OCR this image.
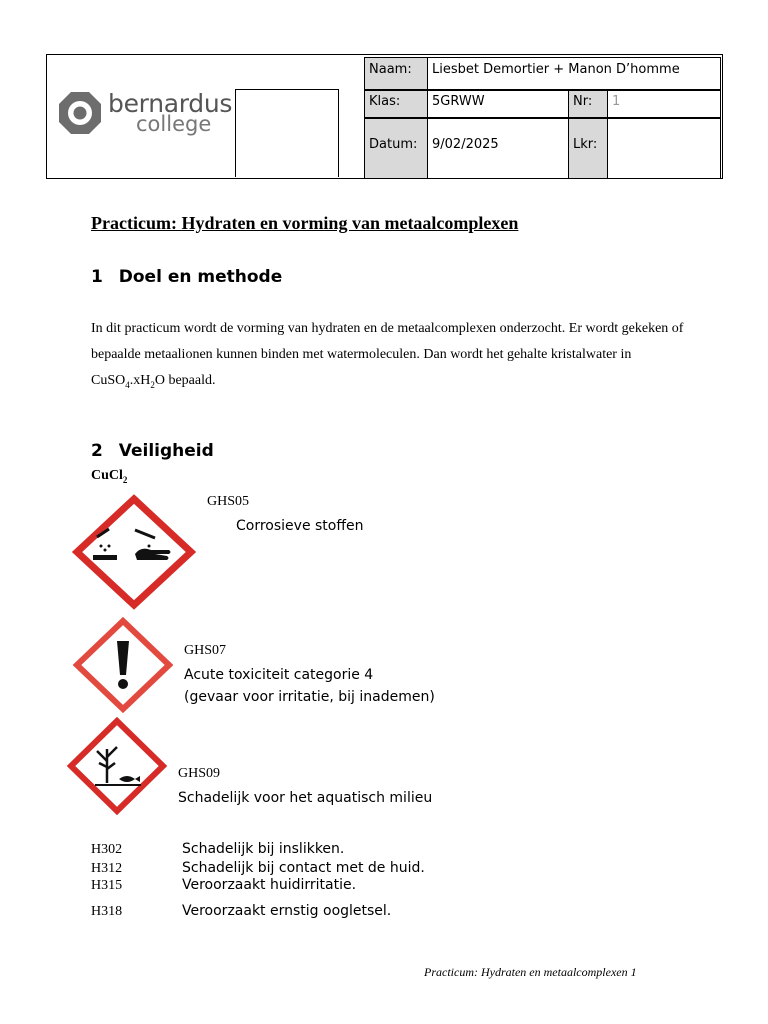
bernardus
college
Naam:	Liesbet Demortier + Manon D’homme		
Klas:	5GRWW	Nr:	1
Datum:	9/02/2025	Lkr:	
Practicum: Hydraten en vorming van metaalcomplexen
1 Doel en methode
In dit practicum wordt de vorming van hydraten en de metaalcomplexen onderzocht. Er wordt gekeken of bepaalde metaalionen kunnen binden met watermoleculen. Dan wordt het gehalte kristalwater in $CuSO_4.xH_2O$ bepaald.
2 Veiligheid
CuCl$_2$
GHS05
Corrosieve stoffen
GHS07
Acute toxiciteit categorie 4
(gevaar voor irritatie, bij inademen)
GHS09
Schadelijk voor het aquatisch milieu
H302	Schadelijk bij inslikken.
H312	Schadelijk bij contact met de huid.
H315	Veroorzaakt huidirritatie.
H318	Veroorzaakt ernstig oogletsel.
Practicum: Hydraten en metaalcomplexen 1
